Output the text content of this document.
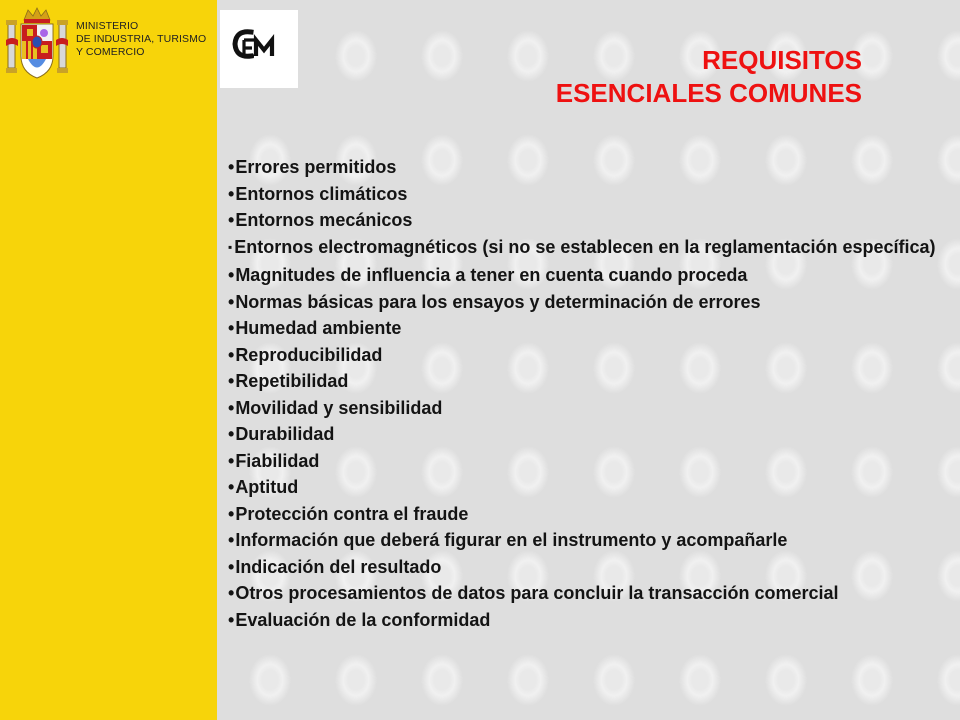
MINISTERIO
DE INDUSTRIA, TURISMO
Y COMERCIO	REQUISITOS
ESENCIALES COMUNES
•Errores permitidos
•Entornos climáticos
•Entornos mecánicos
▪ Entornos electromagnéticos (si no se establecen en la reglamentación específica)
•Magnitudes de influencia a tener en cuenta cuando proceda
•Normas básicas para los ensayos y determinación de errores
•Humedad ambiente
•Reproducibilidad
•Repetibilidad
•Movilidad y sensibilidad
•Durabilidad
•Fiabilidad
•Aptitud
•Protección contra el fraude
•Información que deberá figurar en el instrumento y acompañarle
•Indicación del resultado
•Otros procesamientos de datos para concluir la transacción comercial
•Evaluación de la conformidad
